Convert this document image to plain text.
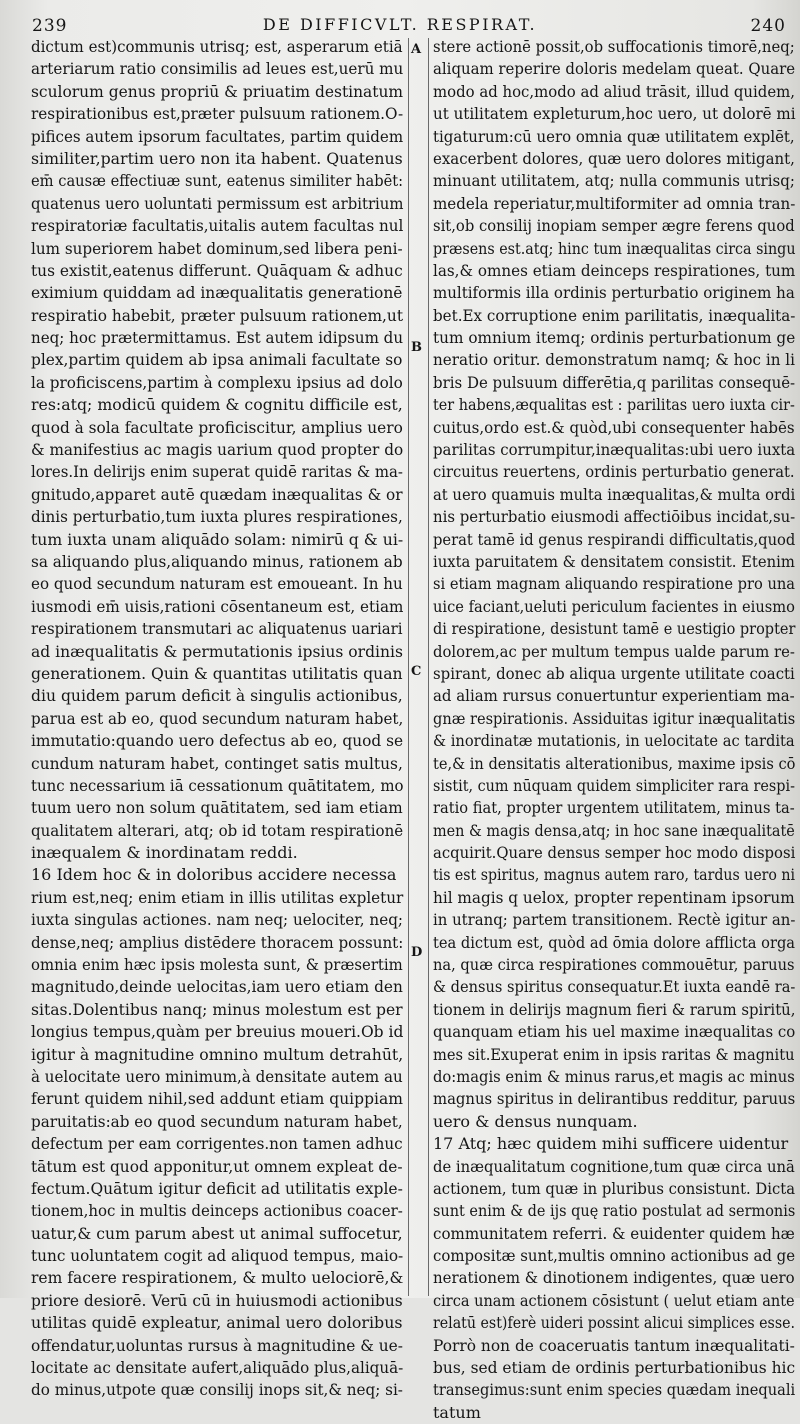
239	DE DIFFICVLT. RESPIRAT.	240
A
B
C
D
dictum est)communis utrisq; est, asperarum etiā
arteriarum ratio consimilis ad leues est,uerū mu
sculorum genus propriū & priuatim destinatum
respirationibus est,præter pulsuum rationem.O-
pifices autem ipsorum facultates, partim quidem
similiter,partim uero non ita habent. Quatenus
em̄ causæ effectiuæ sunt, eatenus similiter habēt:
quatenus uero uoluntati permissum est arbitrium
respiratoriæ facultatis,uitalis autem facultas nul
lum superiorem habet dominum,sed libera peni-
tus existit,eatenus differunt. Quāquam & adhuc
eximium quiddam ad inæqualitatis generationē
respiratio habebit, præter pulsuum rationem,ut
neq; hoc prætermittamus. Est autem idipsum du
plex,partim quidem ab ipsa animali facultate so
la proficiscens,partim à complexu ipsius ad dolo
res:atq; modicū quidem & cognitu difficile est,
quod à sola facultate proficiscitur, amplius uero
& manifestius ac magis uarium quod propter do
lores.In delirijs enim superat quidē raritas & ma-
gnitudo,apparet autē quædam inæqualitas & or
dinis perturbatio,tum iuxta plures respirationes,
tum iuxta unam aliquādo solam: nimirū q & ui-
sa aliquando plus,aliquando minus, rationem ab
eo quod secundum naturam est emoueant. In hu
iusmodi em̄ uisis,rationi cōsentaneum est, etiam
respirationem transmutari ac aliquatenus uariari
ad inæqualitatis & permutationis ipsius ordinis
generationem. Quin & quantitas utilitatis quan
diu quidem parum deficit à singulis actionibus,
parua est ab eo, quod secundum naturam habet,
immutatio:quando uero defectus ab eo, quod se
cundum naturam habet, continget satis multus,
tunc necessarium iā cessationum quātitatem, mo
tuum uero non solum quātitatem, sed iam etiam
qualitatem alterari, atq; ob id totam respirationē
inæqualem & inordinatam reddi.
16 Idem hoc & in doloribus accidere necessa
rium est,neq; enim etiam in illis utilitas expletur
iuxta singulas actiones. nam neq; uelociter, neq;
dense,neq; amplius distēdere thoracem possunt:
omnia enim hæc ipsis molesta sunt, & præsertim
magnitudo,deinde uelocitas,iam uero etiam den
sitas.Dolentibus nanq; minus molestum est per
longius tempus,quàm per breuius moueri.Ob id
igitur à magnitudine omnino multum detrahūt,
à uelocitate uero minimum,à densitate autem au
ferunt quidem nihil,sed addunt etiam quippiam
paruitatis:ab eo quod secundum naturam habet,
defectum per eam corrigentes.non tamen adhuc
tātum est quod apponitur,ut omnem expleat de-
fectum.Quātum igitur deficit ad utilitatis exple-
tionem,hoc in multis deinceps actionibus coacer-
uatur,& cum parum abest ut animal suffocetur,
tunc uoluntatem cogit ad aliquod tempus, maio-
rem facere respirationem, & multo uelociorē,&
priore desiorē. Verū cū in huiusmodi actionibus
utilitas quidē expleatur, animal uero doloribus
offendatur,uoluntas rursus à magnitudine & ue-
locitate ac densitate aufert,aliquādo plus,aliquā-
do minus,utpote quæ consilij inops sit,& neq; si-
stere actionē possit,ob suffocationis timorē,neq;
aliquam reperire doloris medelam queat. Quare
modo ad hoc,modo ad aliud trāsit, illud quidem,
ut utilitatem expleturum,hoc uero, ut dolorē mi
tigaturum:cū uero omnia quæ utilitatem explēt,
exacerbent dolores, quæ uero dolores mitigant,
minuant utilitatem, atq; nulla communis utrisq;
medela reperiatur,multiformiter ad omnia tran-
sit,ob consilij inopiam semper ægre ferens quod
præsens est.atq; hinc tum inæqualitas circa singu
las,& omnes etiam deinceps respirationes, tum
multiformis illa ordinis perturbatio originem ha
bet.Ex corruptione enim parilitatis, inæqualita-
tum omnium itemq; ordinis perturbationum ge
neratio oritur. demonstratum namq; & hoc in li
bris De pulsuum differētia,q parilitas consequē-
ter habens,æqualitas est : parilitas uero iuxta cir-
cuitus,ordo est.& quòd,ubi consequenter habēs
parilitas corrumpitur,inæqualitas:ubi uero iuxta
circuitus reuertens, ordinis perturbatio generat.
at uero quamuis multa inæqualitas,& multa ordi
nis perturbatio eiusmodi affectiōibus incidat,su-
perat tamē id genus respirandi difficultatis,quod
iuxta paruitatem & densitatem consistit. Etenim
si etiam magnam aliquando respiratione pro una
uice faciant,ueluti periculum facientes in eiusmo
di respiratione, desistunt tamē e uestigio propter
dolorem,ac per multum tempus ualde parum re-
spirant, donec ab aliqua urgente utilitate coacti
ad aliam rursus conuertuntur experientiam ma-
gnæ respirationis. Assiduitas igitur inæqualitatis
& inordinatæ mutationis, in uelocitate ac tardita
te,& in densitatis alterationibus, maxime ipsis cō
sistit, cum nūquam quidem simpliciter rara respi-
ratio fiat, propter urgentem utilitatem, minus ta-
men & magis densa,atq; in hoc sane inæqualitatē
acquirit.Quare densus semper hoc modo disposi
tis est spiritus, magnus autem raro, tardus uero ni
hil magis q uelox, propter repentinam ipsorum
in utranq; partem transitionem. Rectè igitur an-
tea dictum est, quòd ad ōmia dolore afflicta orga
na, quæ circa respirationes commouētur, paruus
& densus spiritus consequatur.Et iuxta eandē ra-
tionem in delirijs magnum fieri & rarum spiritū,
quanquam etiam his uel maxime inæqualitas co
mes sit.Exuperat enim in ipsis raritas & magnitu
do:magis enim & minus rarus,et magis ac minus
magnus spiritus in delirantibus redditur, paruus
uero & densus nunquam.
17 Atq; hæc quidem mihi sufficere uidentur
de inæqualitatum cognitione,tum quæ circa unā
actionem, tum quæ in pluribus consistunt. Dicta
sunt enim & de ijs quę ratio postulat ad sermonis
communitatem referri. & euidenter quidem hæ
compositæ sunt,multis omnino actionibus ad ge
nerationem & dinotionem indigentes, quæ uero
circa unam actionem cōsistunt ( uelut etiam ante
relatū est)ferè uideri possint alicui simplices esse.
Porrò non de coaceruatis tantum inæqualitati-
bus, sed etiam de ordinis perturbationibus hic
transegimus:sunt enim species quædam inequali
tatum
